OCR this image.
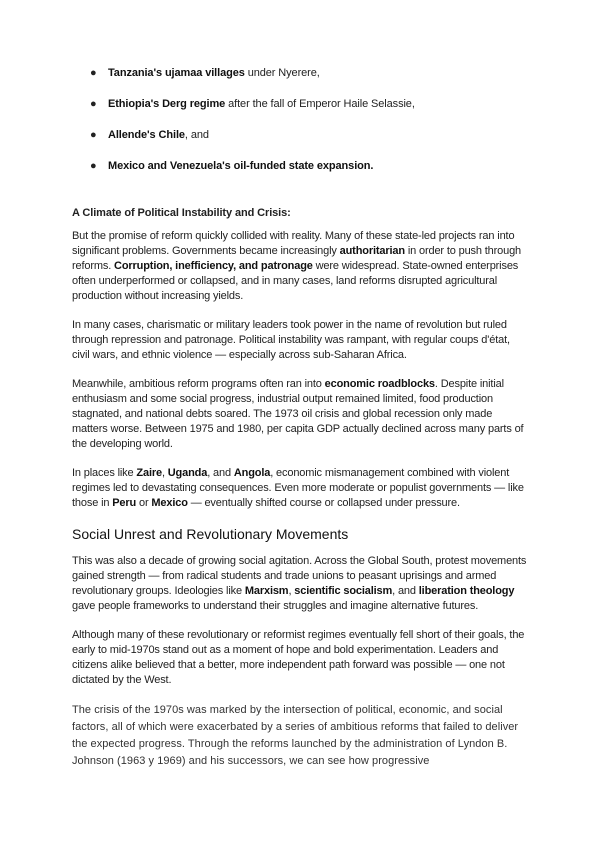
● Tanzania's ujamaa villages under Nyerere,
● Ethiopia's Derg regime after the fall of Emperor Haile Selassie,
● Allende's Chile, and
● Mexico and Venezuela's oil-funded state expansion.
A Climate of Political Instability and Crisis:

But the promise of reform quickly collided with reality. Many of these state-led projects ran into significant problems. Governments became increasingly authoritarian in order to push through reforms. Corruption, inefficiency, and patronage were widespread. State-owned enterprises often underperformed or collapsed, and in many cases, land reforms disrupted agricultural production without increasing yields.

In many cases, charismatic or military leaders took power in the name of revolution but ruled through repression and patronage. Political instability was rampant, with regular coups d'état, civil wars, and ethnic violence — especially across sub-Saharan Africa.

Meanwhile, ambitious reform programs often ran into economic roadblocks. Despite initial enthusiasm and some social progress, industrial output remained limited, food production stagnated, and national debts soared. The 1973 oil crisis and global recession only made matters worse. Between 1975 and 1980, per capita GDP actually declined across many parts of the developing world.

In places like Zaire, Uganda, and Angola, economic mismanagement combined with violent regimes led to devastating consequences. Even more moderate or populist governments — like those in Peru or Mexico — eventually shifted course or collapsed under pressure.

Social Unrest and Revolutionary Movements

This was also a decade of growing social agitation. Across the Global South, protest movements gained strength — from radical students and trade unions to peasant uprisings and armed revolutionary groups. Ideologies like Marxism, scientific socialism, and liberation theology gave people frameworks to understand their struggles and imagine alternative futures.

Although many of these revolutionary or reformist regimes eventually fell short of their goals, the early to mid-1970s stand out as a moment of hope and bold experimentation. Leaders and citizens alike believed that a better, more independent path forward was possible — one not dictated by the West.

The crisis of the 1970s was marked by the intersection of political, economic, and social factors, all of which were exacerbated by a series of ambitious reforms that failed to deliver the expected progress. Through the reforms launched by the administration of Lyndon B. Johnson (1963 y 1969) and his successors, we can see how progressive
